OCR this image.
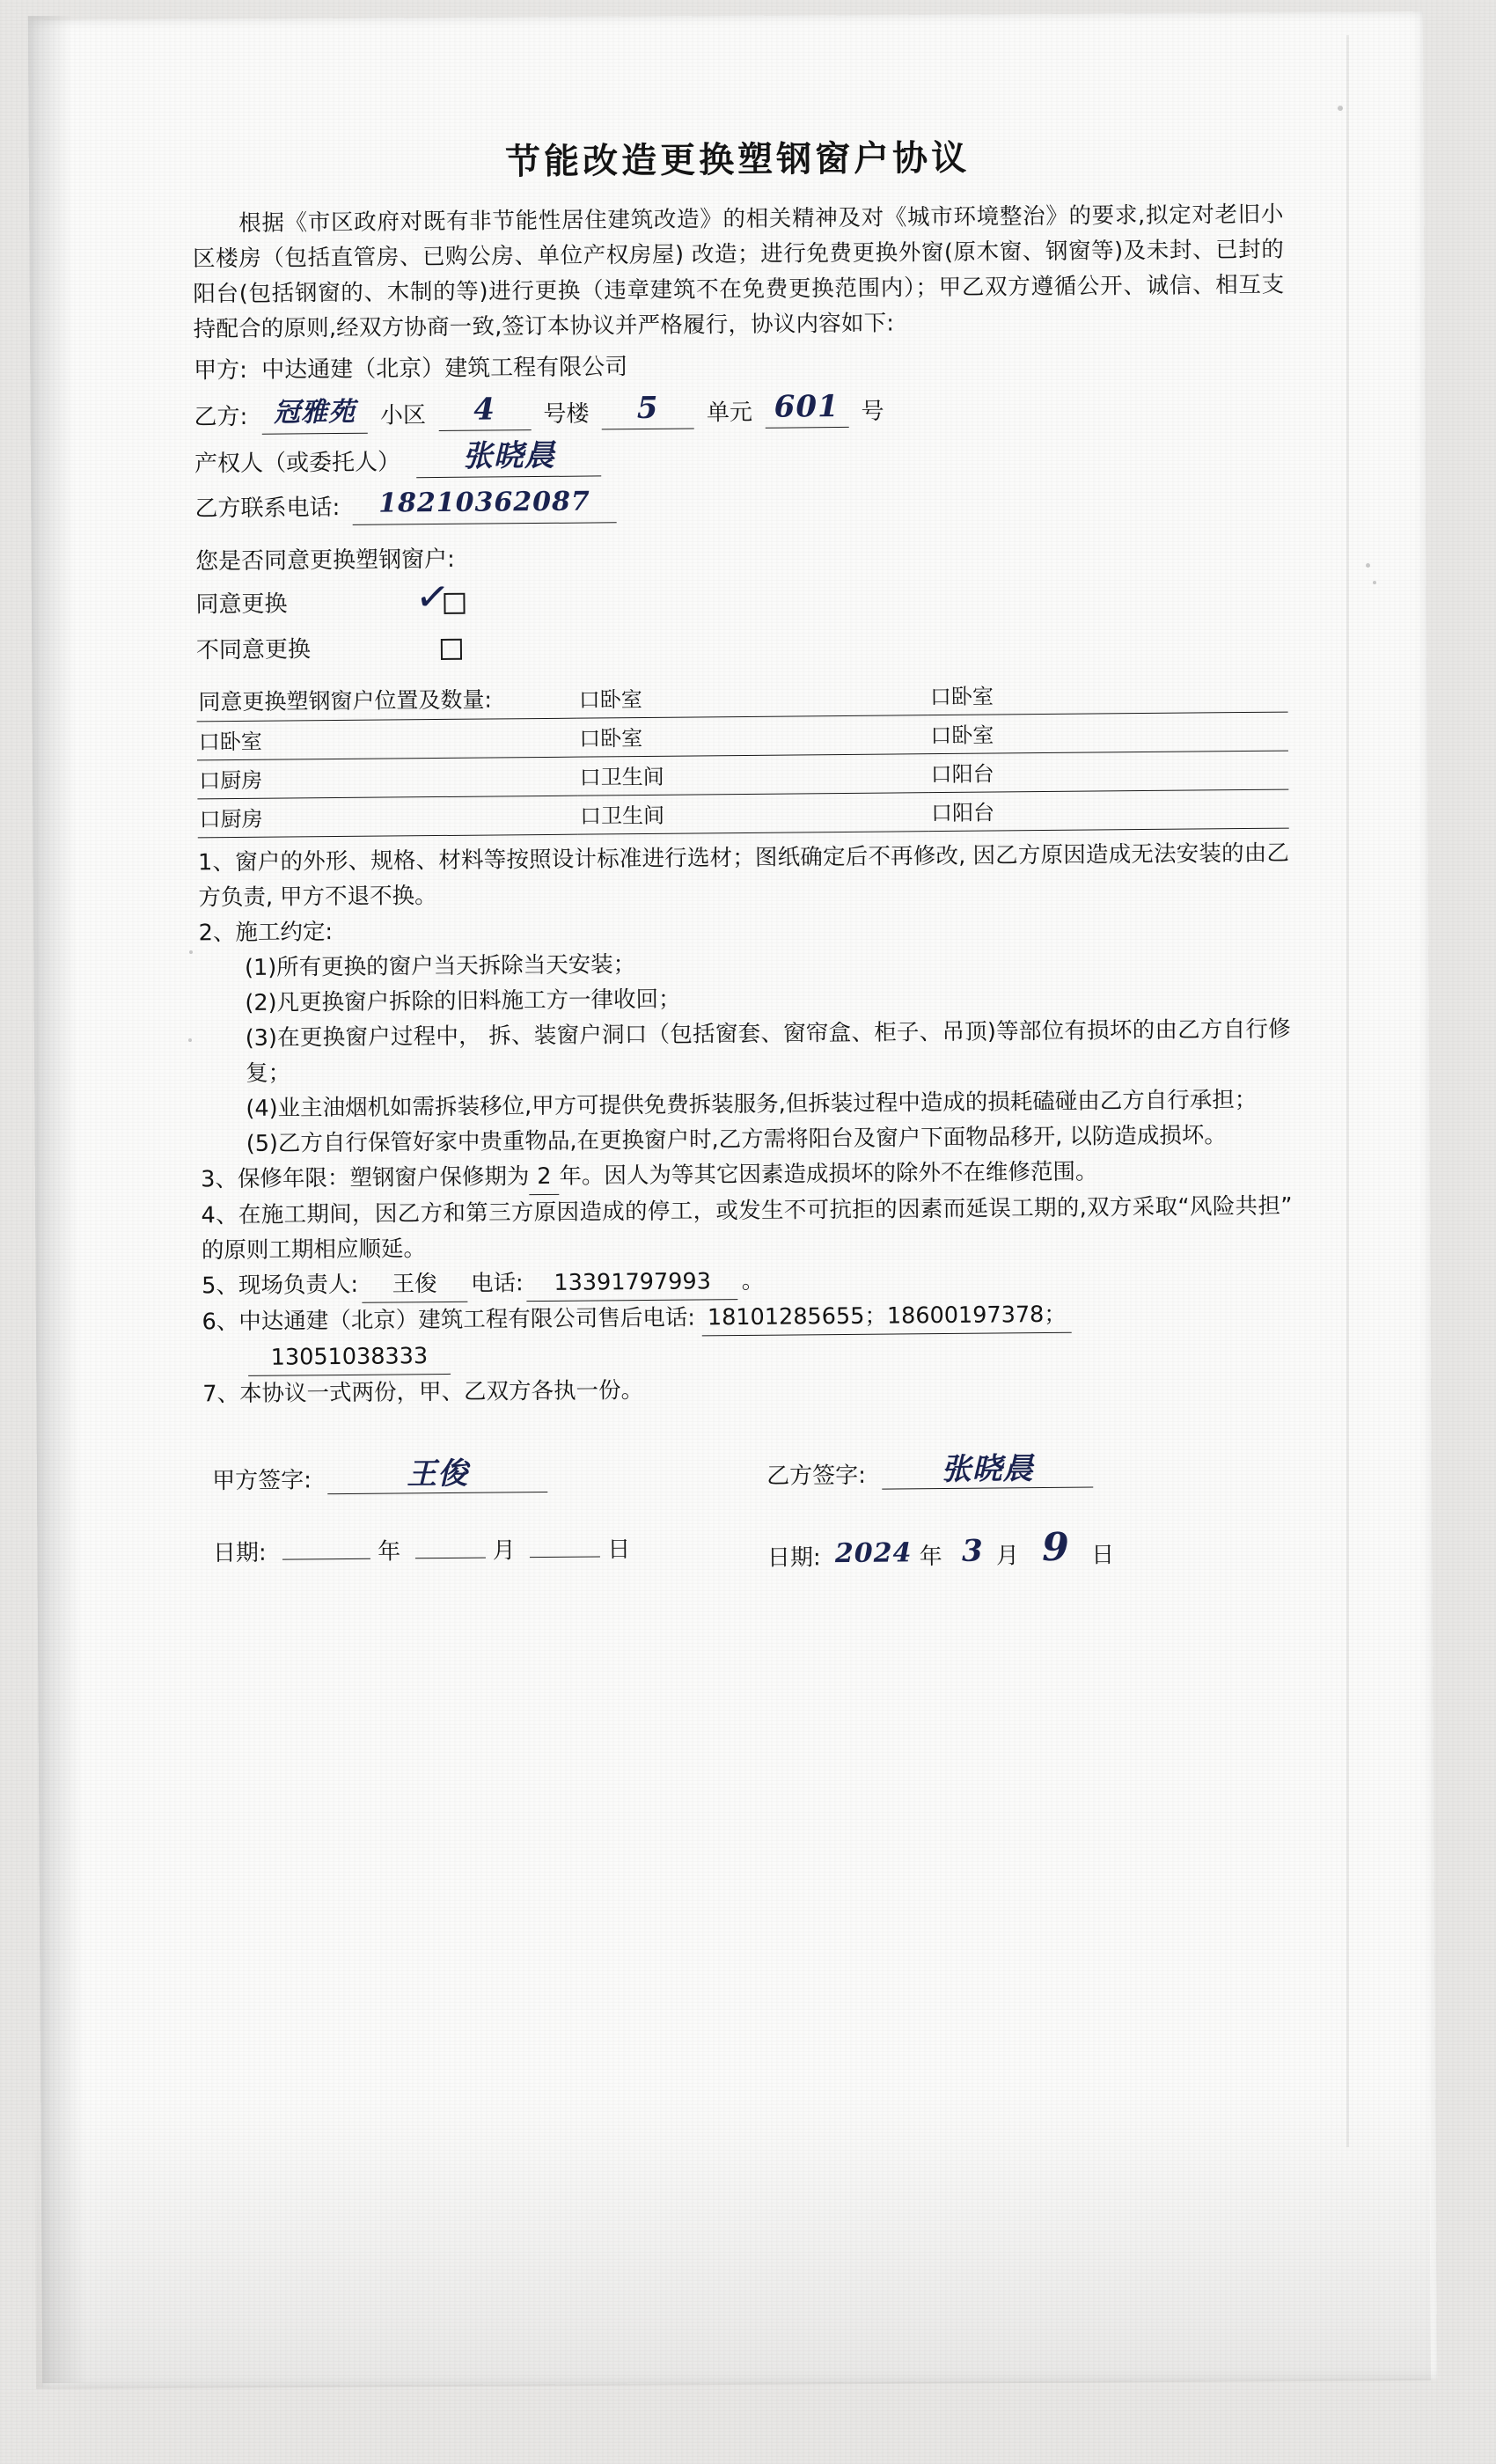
节能改造更换塑钢窗户协议
根据《市区政府对既有非节能性居住建筑改造》的相关精神及对《城市环境整治》的要求,拟定对老旧小区楼房（包括直管房、已购公房、单位产权房屋) 改造；进行免费更换外窗(原木窗、钢窗等)及未封、已封的阳台(包括钢窗的、木制的等)进行更换（违章建筑不在免费更换范围内）；甲乙双方遵循公开、诚信、相互支持配合的原则,经双方协商一致,签订本协议并严格履行，协议内容如下:
甲方: 中达通建（北京）建筑工程有限公司
乙方: 冠雅苑 小区 4 号楼 5 单元 601 号
产权人（或委托人） 张晓晨
乙方联系电话: 18210362087
您是否同意更换塑钢窗户:
同意更换	✓
不同意更换
同意更换塑钢窗户位置及数量:	口卧室	口卧室
口卧室	口卧室	口卧室
口厨房	口卫生间	口阳台
口厨房	口卫生间	口阳台
1、窗户的外形、规格、材料等按照设计标准进行选材；图纸确定后不再修改, 因乙方原因造成无法安装的由乙方负责, 甲方不退不换。
2、施工约定:
(1)所有更换的窗户当天拆除当天安装；
(2)凡更换窗户拆除的旧料施工方一律收回；
(3)在更换窗户过程中， 拆、装窗户洞口（包括窗套、窗帘盒、柜子、吊顶)等部位有损坏的由乙方自行修复；
(4)业主油烟机如需拆装移位,甲方可提供免费拆装服务,但拆装过程中造成的损耗磕碰由乙方自行承担；
(5)乙方自行保管好家中贵重物品,在更换窗户时,乙方需将阳台及窗户下面物品移开, 以防造成损坏。
3、保修年限：塑钢窗户保修期为 2 年。因人为等其它因素造成损坏的除外不在维修范围。
4、在施工期间，因乙方和第三方原因造成的停工，或发生不可抗拒的因素而延误工期的,双方采取“风险共担”的原则工期相应顺延。
5、现场负责人: 王俊 电话: 13391797993 。
6、中达通建（北京）建筑工程有限公司售后电话: 18101285655；18600197378；
13051038333
7、本协议一式两份，甲、乙双方各执一份。
甲方签字:	王俊	乙方签字:	张晓晨
日期:	年	月	日	日期: 2024 年 3 月 9 日
